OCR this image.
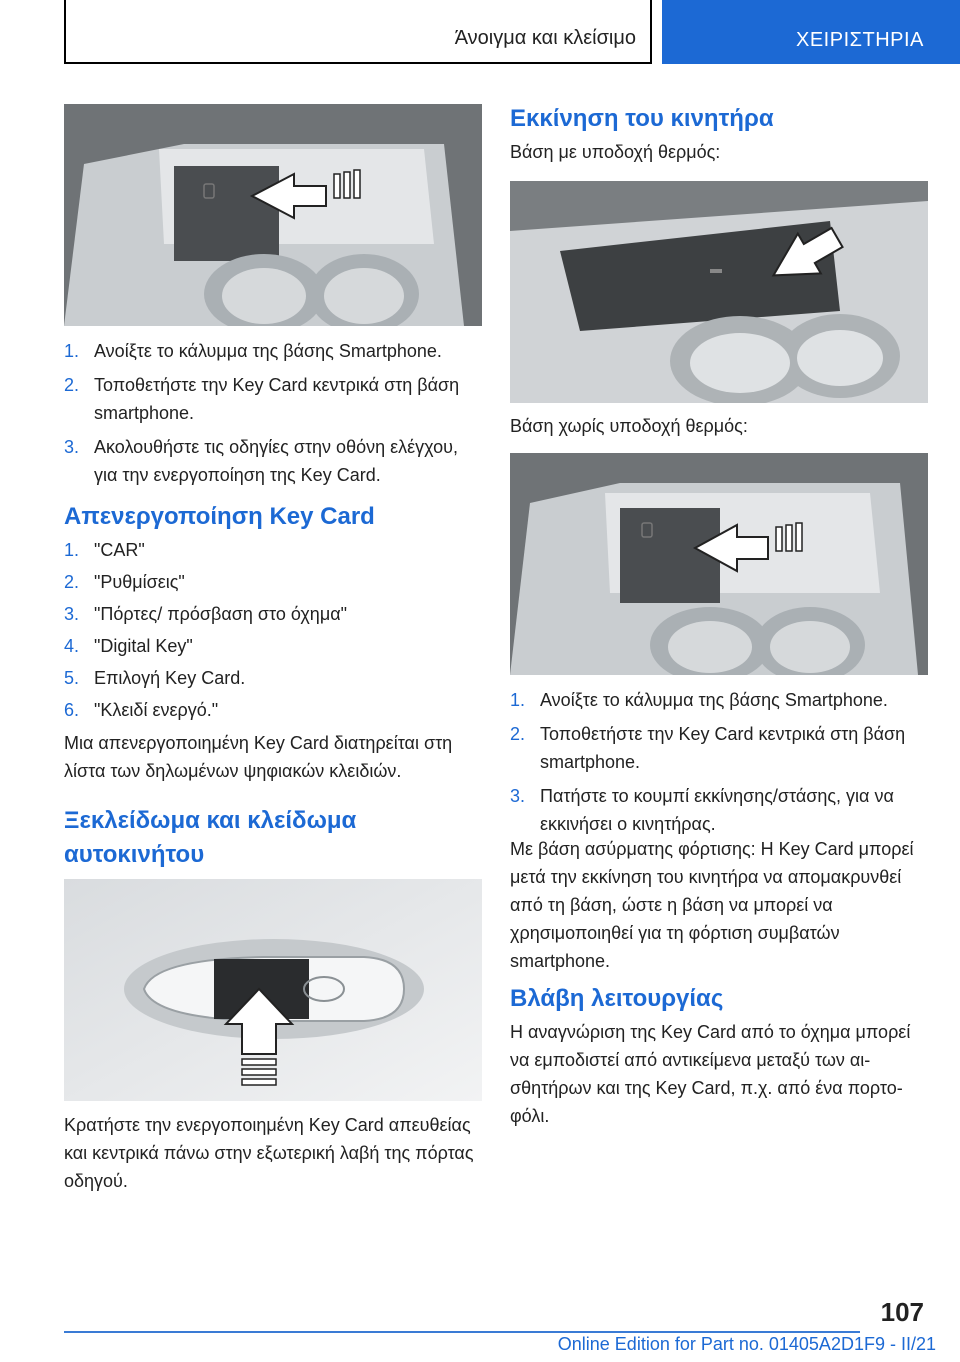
Άνοιγμα και κλείσιμο	ΧΕΙΡΙΣΤΗΡΙΑ
1. Ανοίξτε το κάλυμμα της βάσης Smartphone.
2. Τοποθετήστε την Key Card κεντρικά στη βάση smartphone.
3. Ακολουθήστε τις οδηγίες στην οθόνη ελέγχου, για την ενεργοποίηση της Key Card.
Απενεργοποίηση Key Card
1. "CAR"
2. "Ρυθμίσεις"
3. "Πόρτες/ πρόσβαση στο όχημα"
4. "Digital Key"
5. Επιλογή Key Card.
6. "Κλειδί ενεργό."

Μια απενεργοποιημένη Key Card διατηρείται στη λίστα των δηλωμένων ψηφιακών κλειδιών.

Ξεκλείδωμα και κλείδωμα αυτοκινήτου

Κρατήστε την ενεργοποιημένη Key Card απευθείας και κεντρικά πάνω στην εξωτερική λαβή της πόρτας οδηγού.

Εκκίνηση του κινητήρα

Βάση με υποδοχή θερμός:

Βάση χωρίς υποδοχή θερμός:

1. Ανοίξτε το κάλυμμα της βάσης Smartphone.
2. Τοποθετήστε την Key Card κεντρικά στη βάση smartphone.
3. Πατήστε το κουμπί εκκίνησης/στάσης, για να εκκινήσει ο κινητήρας.

Με βάση ασύρματης φόρτισης: Η Key Card μπορεί μετά την εκκίνηση του κινητήρα να απομακρυνθεί από τη βάση, ώστε η βάση να μπορεί να χρησιμοποιηθεί για τη φόρτιση συμβατών smartphone.

Βλάβη λειτουργίας

Η αναγνώριση της Key Card από το όχημα μπορεί να εμποδιστεί από αντικείμενα μεταξύ των αισθητήρων και της Key Card, π.χ. από ένα πορτοφόλι.

107
Online Edition for Part no. 01405A2D1F9 - II/21
